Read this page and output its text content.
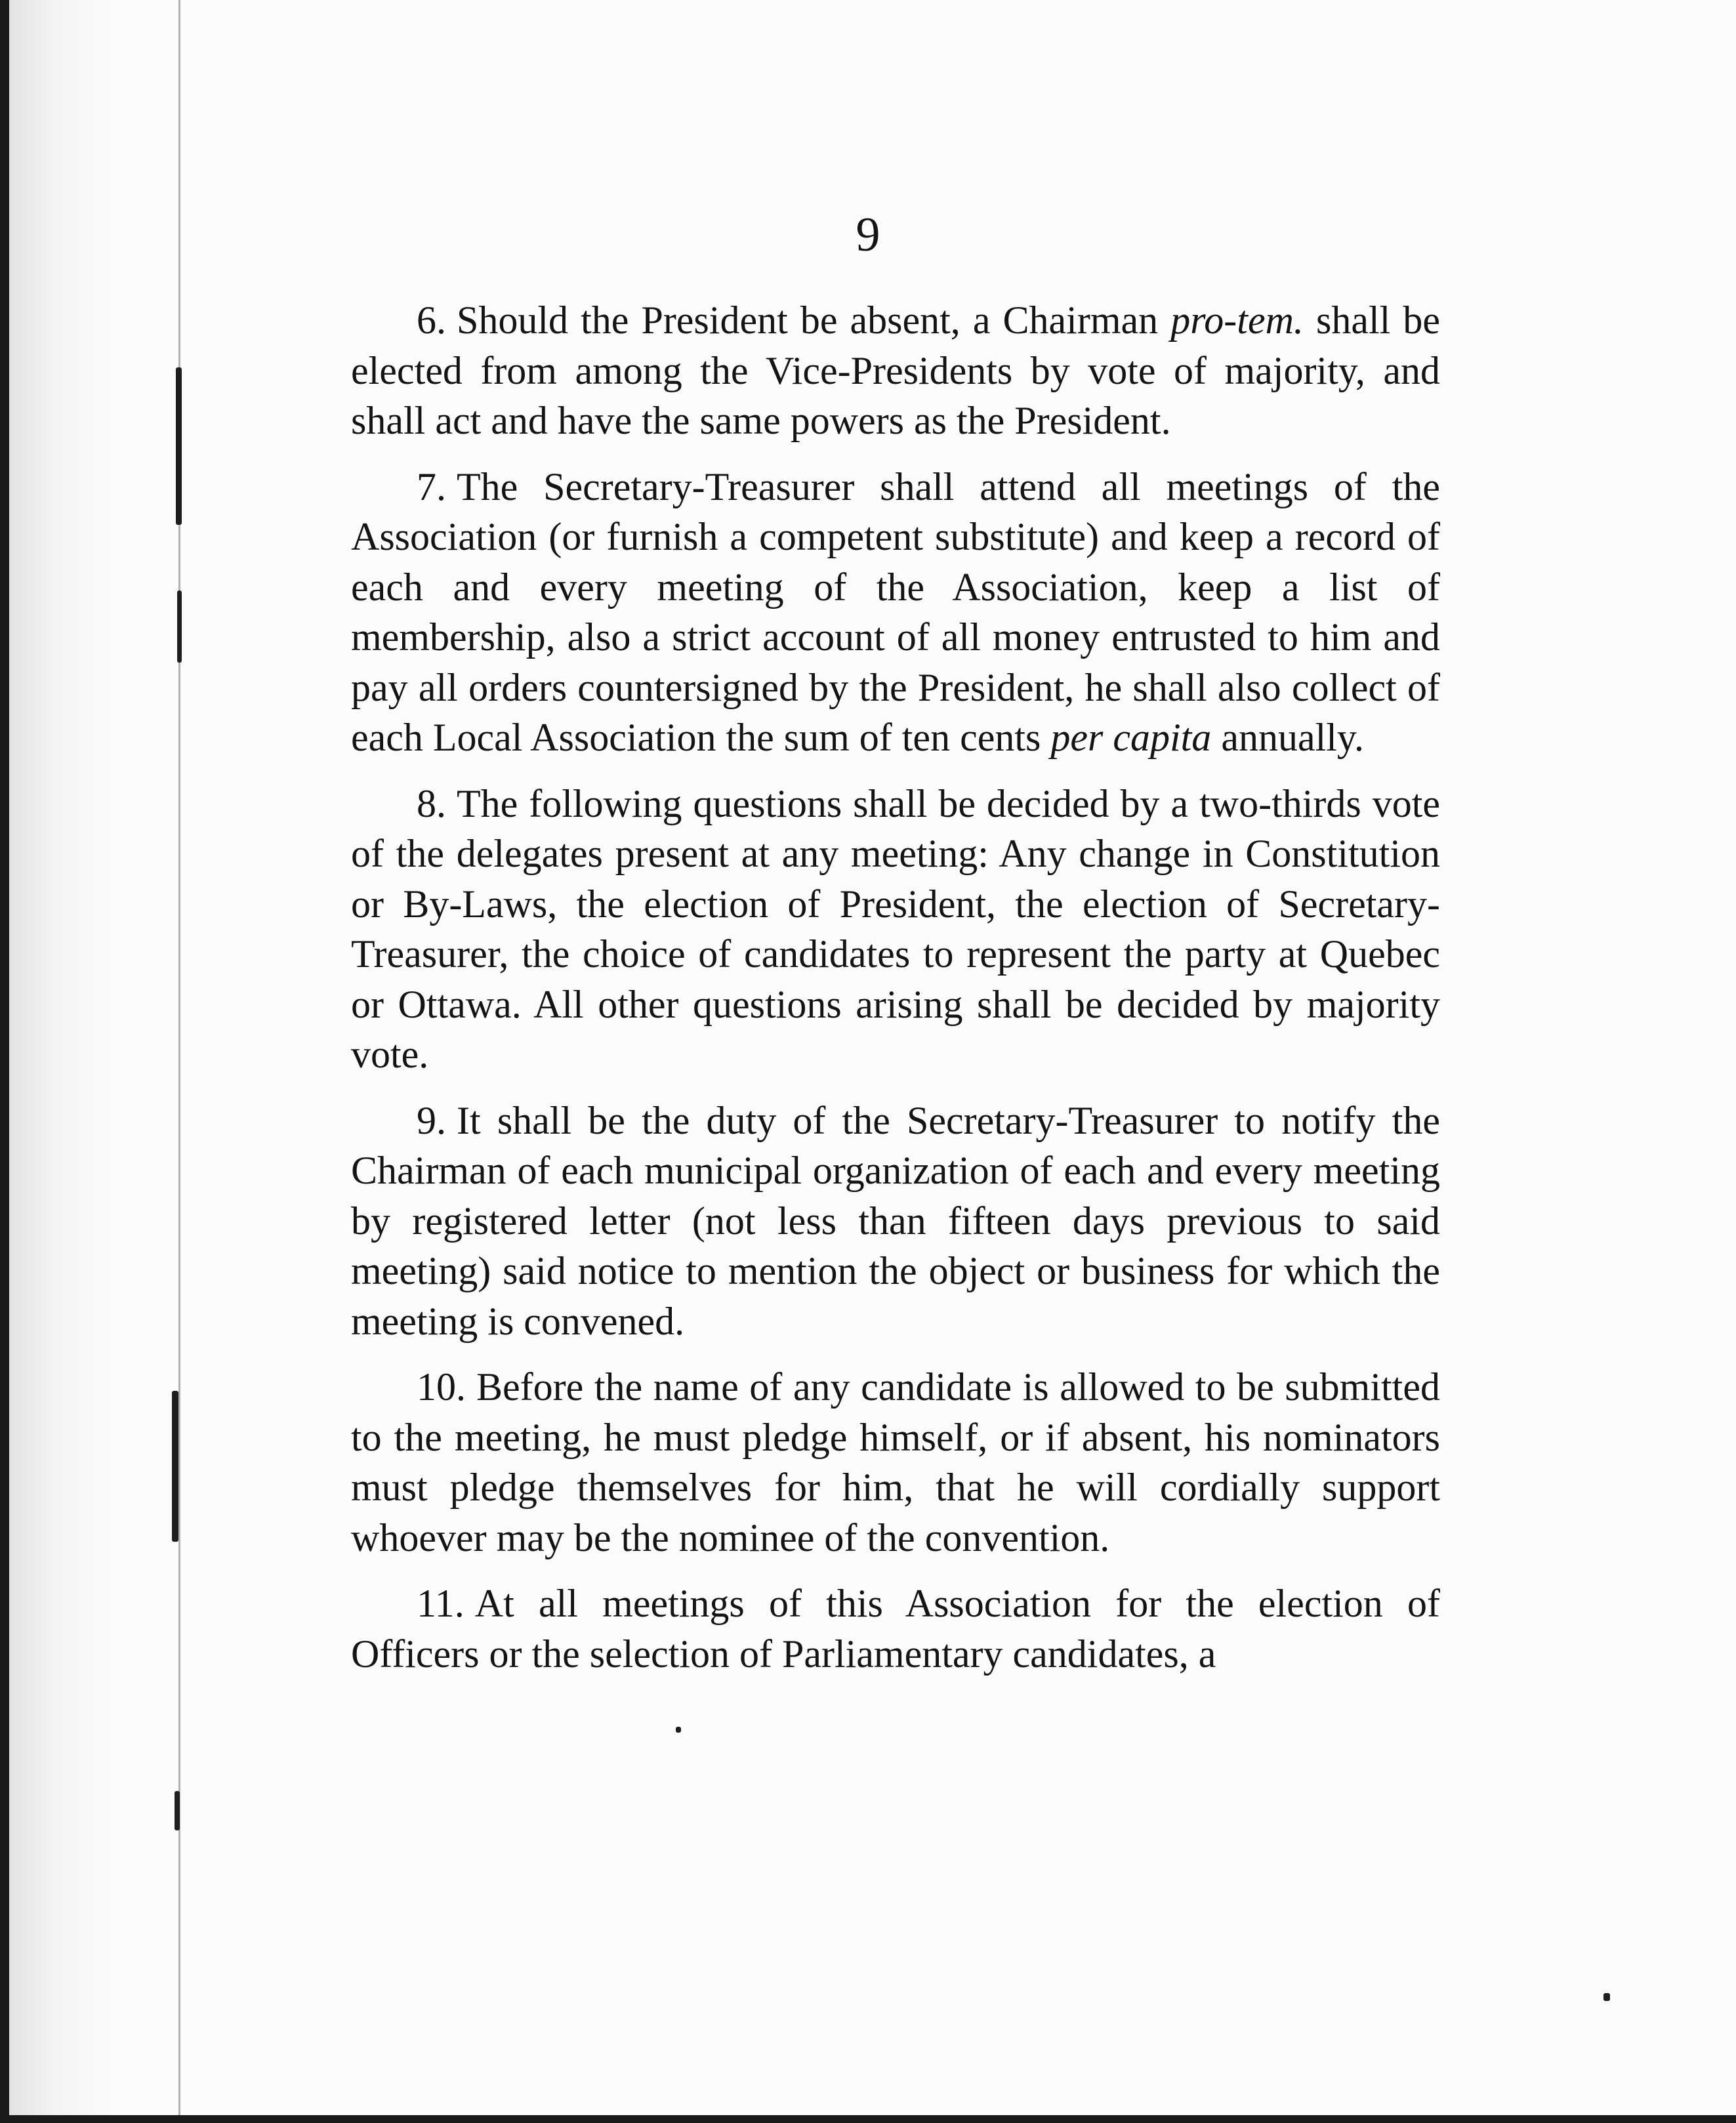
9

6. Should the President be absent, a Chairman pro-tem. shall be elected from among the Vice-Presidents by vote of majority, and shall act and have the same powers as the President.

7. The Secretary-Treasurer shall attend all meetings of the Association (or furnish a competent substitute) and keep a record of each and every meeting of the Association, keep a list of membership, also a strict account of all money entrusted to him and pay all orders countersigned by the President, he shall also collect of each Local Association the sum of ten cents per capita annually.

8. The following questions shall be decided by a two-thirds vote of the delegates present at any meeting: Any change in Constitution or By-Laws, the election of President, the election of Secretary-Treasurer, the choice of candidates to represent the party at Quebec or Ottawa. All other questions arising shall be decided by majority vote.

9. It shall be the duty of the Secretary-Treasurer to notify the Chairman of each municipal organization of each and every meeting by registered letter (not less than fifteen days previous to said meeting) said notice to mention the object or business for which the meeting is convened.

10. Before the name of any candidate is allowed to be submitted to the meeting, he must pledge himself, or if absent, his nominators must pledge themselves for him, that he will cordially support whoever may be the nominee of the convention.

11. At all meetings of this Association for the election of Officers or the selection of Parliamentary candidates, a
